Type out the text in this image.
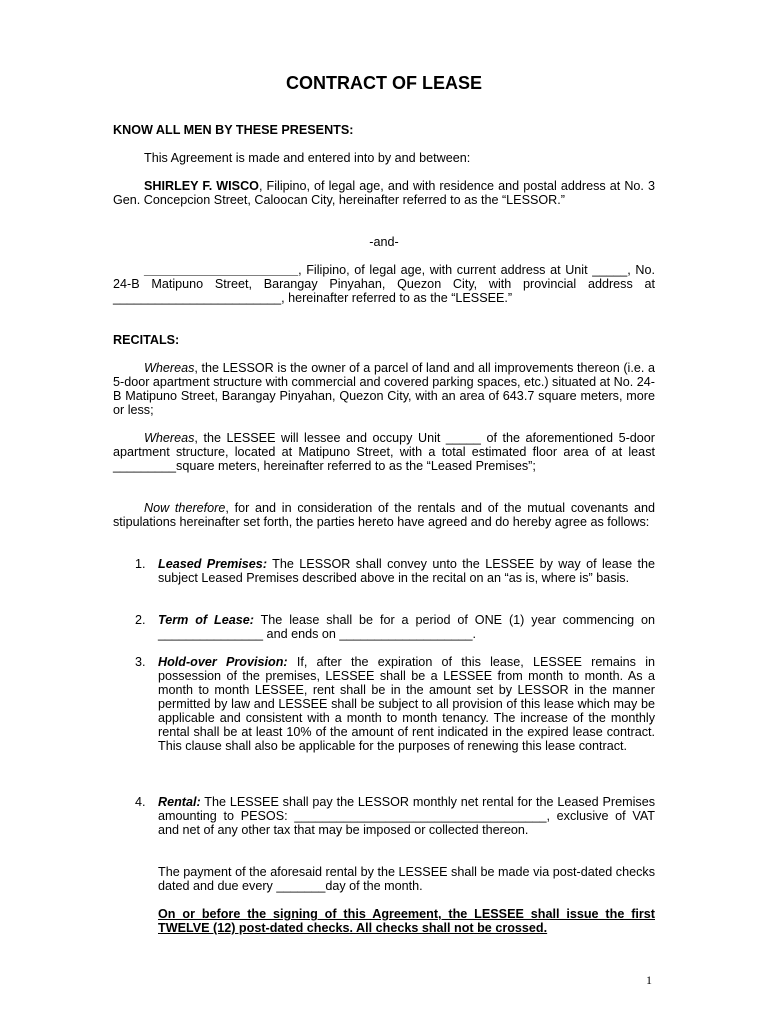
CONTRACT OF LEASE
KNOW ALL MEN BY THESE PRESENTS:
This Agreement is made and entered into by and between:
SHIRLEY F. WISCO, Filipino, of legal age, and with residence and postal address at No. 3 Gen. Concepcion Street, Caloocan City, hereinafter referred to as the “LESSOR.”
-and-
______________________, Filipino, of legal age, with current address at Unit _____, No. 24-B Matipuno Street, Barangay Pinyahan, Quezon City, with provincial address at ________________________, hereinafter referred to as the “LESSEE.”
RECITALS:
Whereas, the LESSOR is the owner of a parcel of land and all improvements thereon (i.e. a 5-door apartment structure with commercial and covered parking spaces, etc.) situated at No. 24-B Matipuno Street, Barangay Pinyahan, Quezon City, with an area of 643.7 square meters, more or less;
Whereas, the LESSEE will lessee and occupy Unit _____ of the aforementioned 5-door apartment structure, located at Matipuno Street, with a total estimated floor area of at least _________square meters, hereinafter referred to as the “Leased Premises”;
Now therefore, for and in consideration of the rentals and of the mutual covenants and stipulations hereinafter set forth, the parties hereto have agreed and do hereby agree as follows:
1. Leased Premises: The LESSOR shall convey unto the LESSEE by way of lease the subject Leased Premises described above in the recital on an “as is, where is” basis.
2. Term of Lease: The lease shall be for a period of ONE (1) year commencing on _______________ and ends on ___________________.
3. Hold-over Provision: If, after the expiration of this lease, LESSEE remains in possession of the premises, LESSEE shall be a LESSEE from month to month. As a month to month LESSEE, rent shall be in the amount set by LESSOR in the manner permitted by law and LESSEE shall be subject to all provision of this lease which may be applicable and consistent with a month to month tenancy. The increase of the monthly rental shall be at least 10% of the amount of rent indicated in the expired lease contract. This clause shall also be applicable for the purposes of renewing this lease contract.
4. Rental: The LESSEE shall pay the LESSOR monthly net rental for the Leased Premises amounting to PESOS: ____________________________________, exclusive of VAT and net of any other tax that may be imposed or collected thereon.
The payment of the aforesaid rental by the LESSEE shall be made via post-dated checks dated and due every _______day of the month.
On or before the signing of this Agreement, the LESSEE shall issue the first TWELVE (12) post-dated checks. All checks shall not be crossed.
1
